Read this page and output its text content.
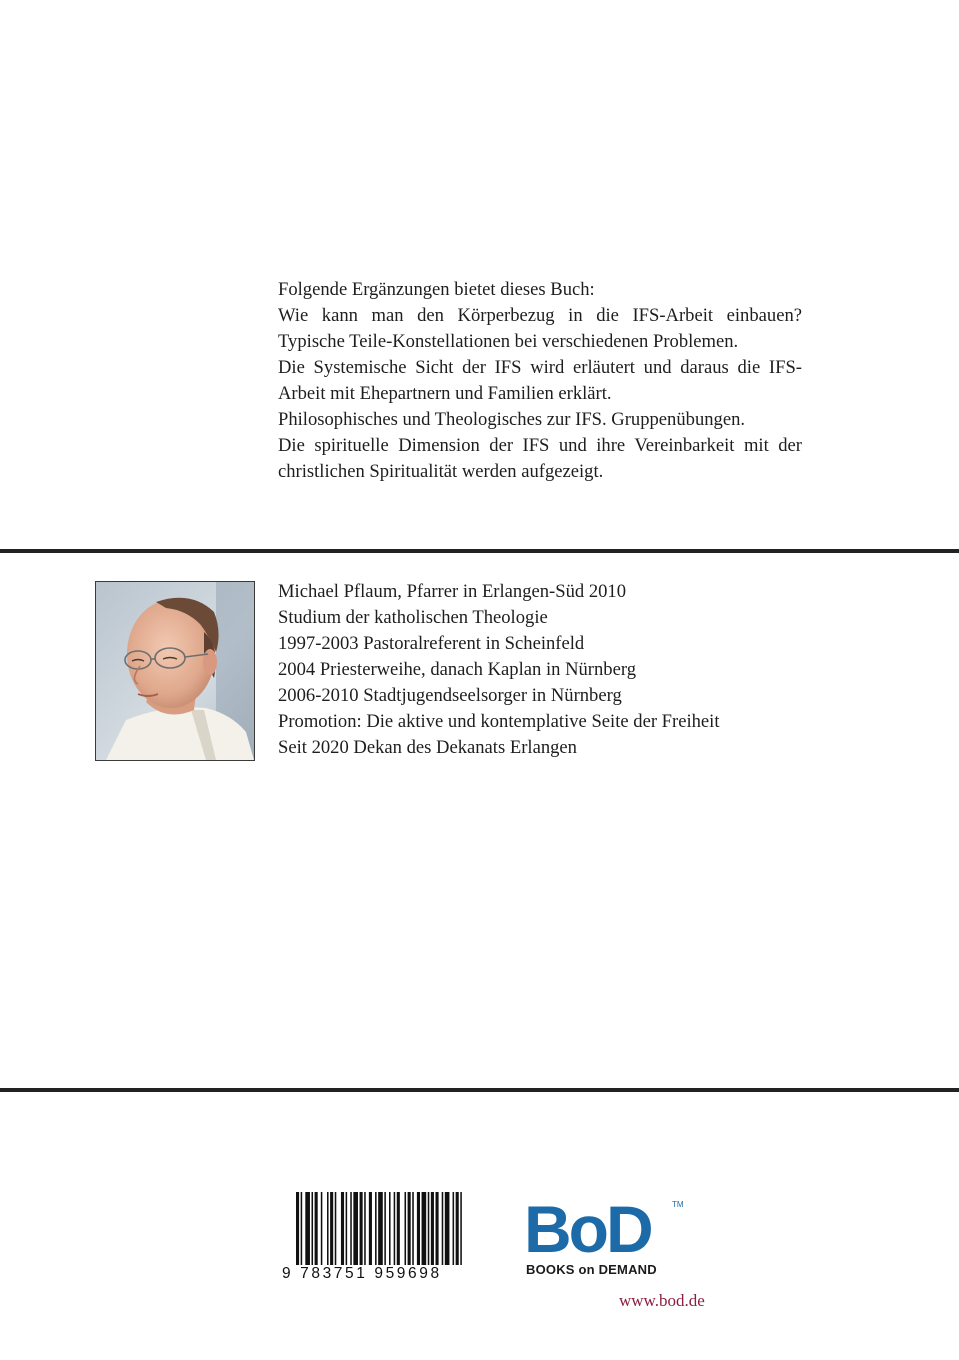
Folgende Ergänzungen bietet dieses Buch:
Wie kann man den Körperbezug in die IFS-Arbeit einbauen?
Typische Teile-Konstellationen bei verschiedenen Problemen.
Die Systemische Sicht der IFS wird erläutert und daraus die IFS-
Arbeit mit Ehepartnern und Familien erklärt.
Philosophisches und Theologisches zur IFS. Gruppenübungen.
Die spirituelle Dimension der IFS und ihre Vereinbarkeit mit der
christlichen Spiritualität werden aufgezeigt.
Michael Pflaum, Pfarrer in Erlangen-Süd 2010
Studium der katholischen Theologie
1997-2003 Pastoralreferent in Scheinfeld
2004 Priesterweihe, danach Kaplan in Nürnberg
2006-2010 Stadtjugendseelsorger in Nürnberg
Promotion: Die aktive und kontemplative Seite der Freiheit
Seit 2020 Dekan des Dekanats Erlangen
9 783751 959698
BoD	TM
BOOKS on DEMAND
www.bod.de
